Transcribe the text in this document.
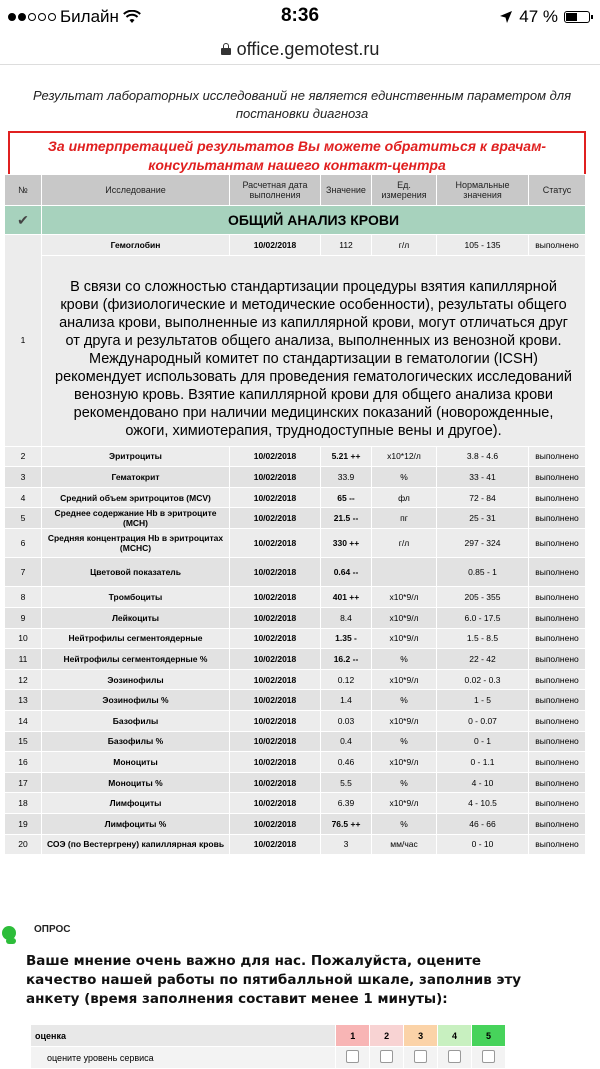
Билайн	8:36	47 %
office.gemotest.ru
Результат лабораторных исследований не является единственным параметром для постановки диагноза
За интерпретацией результатов Вы можете обратиться к врачам-консультантам нашего контакт-центра
№	Исследование	Расчетная дата выполнения	Значение	Ед. измерения	Нормальные значения	Статус
✔	ОБЩИЙ АНАЛИЗ КРОВИ					
1	Гемоглобин	10/02/2018	112	г/л	105 - 135	выполнено
	В связи со сложностью стандартизации процедуры взятия капиллярной крови (физиологические и методические особенности), результаты общего анализа крови, выполненные из капиллярной крови, могут отличаться друг от друга и результатов общего анализа, выполненных из венозной крови. Международный комитет по стандартизации в гематологии (ICSH) рекомендует использовать для проведения гематологических исследований венозную кровь. Взятие капиллярной крови для общего анализа крови рекомендовано при наличии медицинских показаний (новорожденные, ожоги, химиотерапия, труднодоступные вены и другое).					
2	Эритроциты	10/02/2018	5.21 ++	х10*12/л	3.8 - 4.6	выполнено
3	Гематокрит	10/02/2018	33.9	%	33 - 41	выполнено
4	Средний объем эритроцитов (MCV)	10/02/2018	65 --	фл	72 - 84	выполнено
5	Среднее содержание Hb в эритроците (MCH)	10/02/2018	21.5 --	пг	25 - 31	выполнено
6	Средняя концентрация Hb в эритроцитах (MCHC)	10/02/2018	330 ++	г/л	297 - 324	выполнено
7	Цветовой показатель	10/02/2018	0.64 --		0.85 - 1	выполнено
8	Тромбоциты	10/02/2018	401 ++	х10*9/л	205 - 355	выполнено
9	Лейкоциты	10/02/2018	8.4	х10*9/л	6.0 - 17.5	выполнено
10	Нейтрофилы сегментоядерные	10/02/2018	1.35 -	х10*9/л	1.5 - 8.5	выполнено
11	Нейтрофилы сегментоядерные %	10/02/2018	16.2 --	%	22 - 42	выполнено
12	Эозинофилы	10/02/2018	0.12	х10*9/л	0.02 - 0.3	выполнено
13	Эозинофилы %	10/02/2018	1.4	%	1 - 5	выполнено
14	Базофилы	10/02/2018	0.03	х10*9/л	0 - 0.07	выполнено
15	Базофилы %	10/02/2018	0.4	%	0 - 1	выполнено
16	Моноциты	10/02/2018	0.46	х10*9/л	0 - 1.1	выполнено
17	Моноциты %	10/02/2018	5.5	%	4 - 10	выполнено
18	Лимфоциты	10/02/2018	6.39	х10*9/л	4 - 10.5	выполнено
19	Лимфоциты %	10/02/2018	76.5 ++	%	46 - 66	выполнено
20	СОЭ (по Вестергрену) капиллярная кровь	10/02/2018	3	мм/час	0 - 10	выполнено
ОПРОС
Ваше мнение очень важно для нас. Пожалуйста, оцените качество нашей работы по пятибалльной шкале, заполнив эту анкету (время заполнения составит менее 1 минуты):
оценка	1	2	3	4	5
оцените уровень сервиса					
